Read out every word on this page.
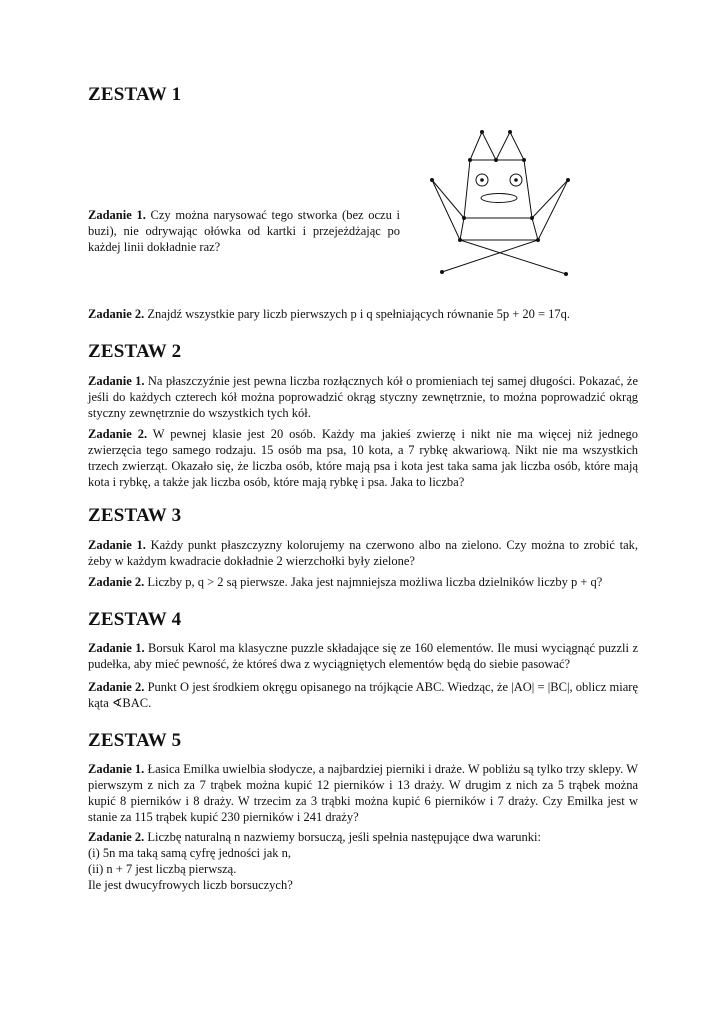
ZESTAW 1

Zadanie 1. Czy można narysować tego stworka (bez oczu i buzi), nie odrywając ołówka od kartki i przejeżdżając po każdej linii dokładnie raz?

Zadanie 2. Znajdź wszystkie pary liczb pierwszych p i q spełniających równanie 5p + 20 = 17q.

ZESTAW 2

Zadanie 1. Na płaszczyźnie jest pewna liczba rozłącznych kół o promieniach tej samej długości. Pokazać, że jeśli do każdych czterech kół można poprowadzić okrąg styczny zewnętrznie, to można poprowadzić okrąg styczny zewnętrznie do wszystkich tych kół.

Zadanie 2. W pewnej klasie jest 20 osób. Każdy ma jakieś zwierzę i nikt nie ma więcej niż jednego zwierzęcia tego samego rodzaju. 15 osób ma psa, 10 kota, a 7 rybkę akwariową. Nikt nie ma wszystkich trzech zwierząt. Okazało się, że liczba osób, które mają psa i kota jest taka sama jak liczba osób, które mają kota i rybkę, a także jak liczba osób, które mają rybkę i psa. Jaka to liczba?

ZESTAW 3

Zadanie 1. Każdy punkt płaszczyzny kolorujemy na czerwono albo na zielono. Czy można to zrobić tak, żeby w każdym kwadracie dokładnie 2 wierzchołki były zielone?

Zadanie 2. Liczby p, q > 2 są pierwsze. Jaka jest najmniejsza możliwa liczba dzielników liczby p + q?

ZESTAW 4

Zadanie 1. Borsuk Karol ma klasyczne puzzle składające się ze 160 elementów. Ile musi wyciągnąć puzzli z pudełka, aby mieć pewność, że któreś dwa z wyciągniętych elementów będą do siebie pasować?

Zadanie 2. Punkt O jest środkiem okręgu opisanego na trójkącie ABC. Wiedząc, że |AO| = |BC|, oblicz miarę kąta ∢BAC.

ZESTAW 5

Zadanie 1. Łasica Emilka uwielbia słodycze, a najbardziej pierniki i draże. W pobliżu są tylko trzy sklepy. W pierwszym z nich za 7 trąbek można kupić 12 pierników i 13 draży. W drugim z nich za 5 trąbek można kupić 8 pierników i 8 draży. W trzecim za 3 trąbki można kupić 6 pierników i 7 draży. Czy Emilka jest w stanie za 115 trąbek kupić 230 pierników i 241 draży?

Zadanie 2. Liczbę naturalną n nazwiemy borsuczą, jeśli spełnia następujące dwa warunki:
(i) 5n ma taką samą cyfrę jedności jak n,
(ii) n + 7 jest liczbą pierwszą.
Ile jest dwucyfrowych liczb borsuczych?
